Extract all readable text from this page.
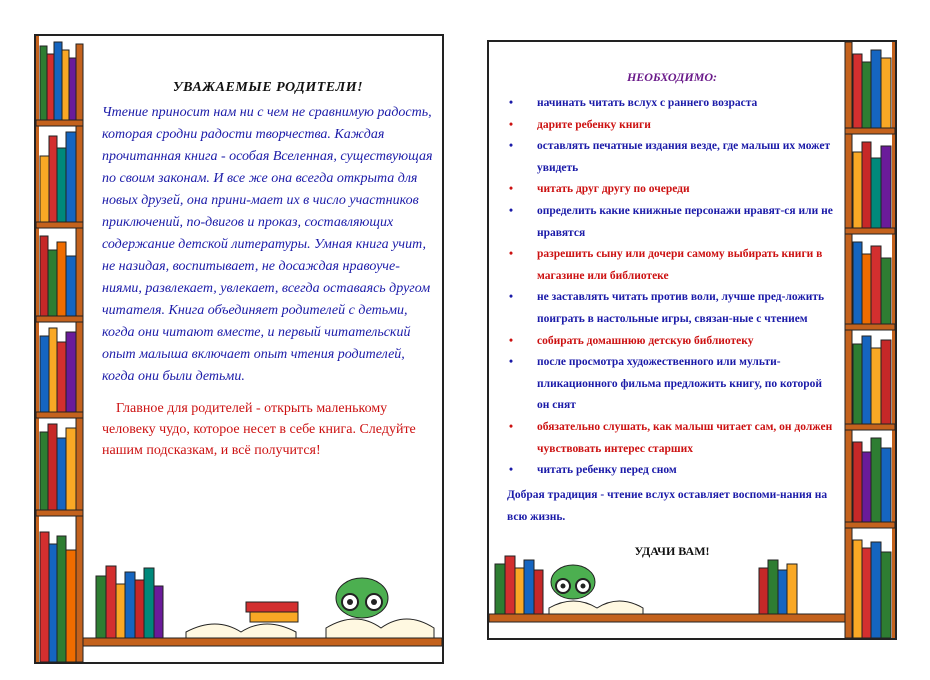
УВАЖАЕМЫЕ РОДИТЕЛИ!

Чтение приносит нам ни с чем не сравнимую радость, которая сродни радости творчества. Каждая прочитанная книга - особая Вселенная, существующая по своим законам. И все же она всегда открыта для новых друзей, она прини-мает их в число участников приключений, по-двигов и проказ, составляющих содержание детской литературы. Умная книга учит, не назидая, воспитывает, не досаждая нравоуче-ниями, развлекает, увлекает, всегда оставаясь другом читателя. Книга объединяет родителей с детьми, когда они читают вместе, и первый читательский опыт малыша включает опыт чтения родителей, когда они были детьми.

Главное для родителей - открыть маленькому человеку чудо, которое несет в себе книга. Следуйте нашим подсказкам, и всё получится!

НЕОБХОДИМО:
• начинать читать вслух с раннего возраста
• дарите ребенку книги
• оставлять печатные издания везде, где малыш их может увидеть
• читать друг другу по очереди
• определить какие книжные персонажи нравят-ся или не нравятся
• разрешить сыну или дочери самому выбирать книги в магазине или библиотеке
• не заставлять читать против воли, лучше пред-ложить поиграть в настольные игры, связан-ные с чтением
• собирать домашнюю детскую библиотеку
• после просмотра художественного или мульти-пликационного фильма предложить книгу, по которой он снят
• обязательно слушать, как малыш читает сам, он должен чувствовать интерес старших
• читать ребенку перед сном
Добрая традиция - чтение вслух оставляет воспоми-нания на всю жизнь.
УДАЧИ ВАМ!
